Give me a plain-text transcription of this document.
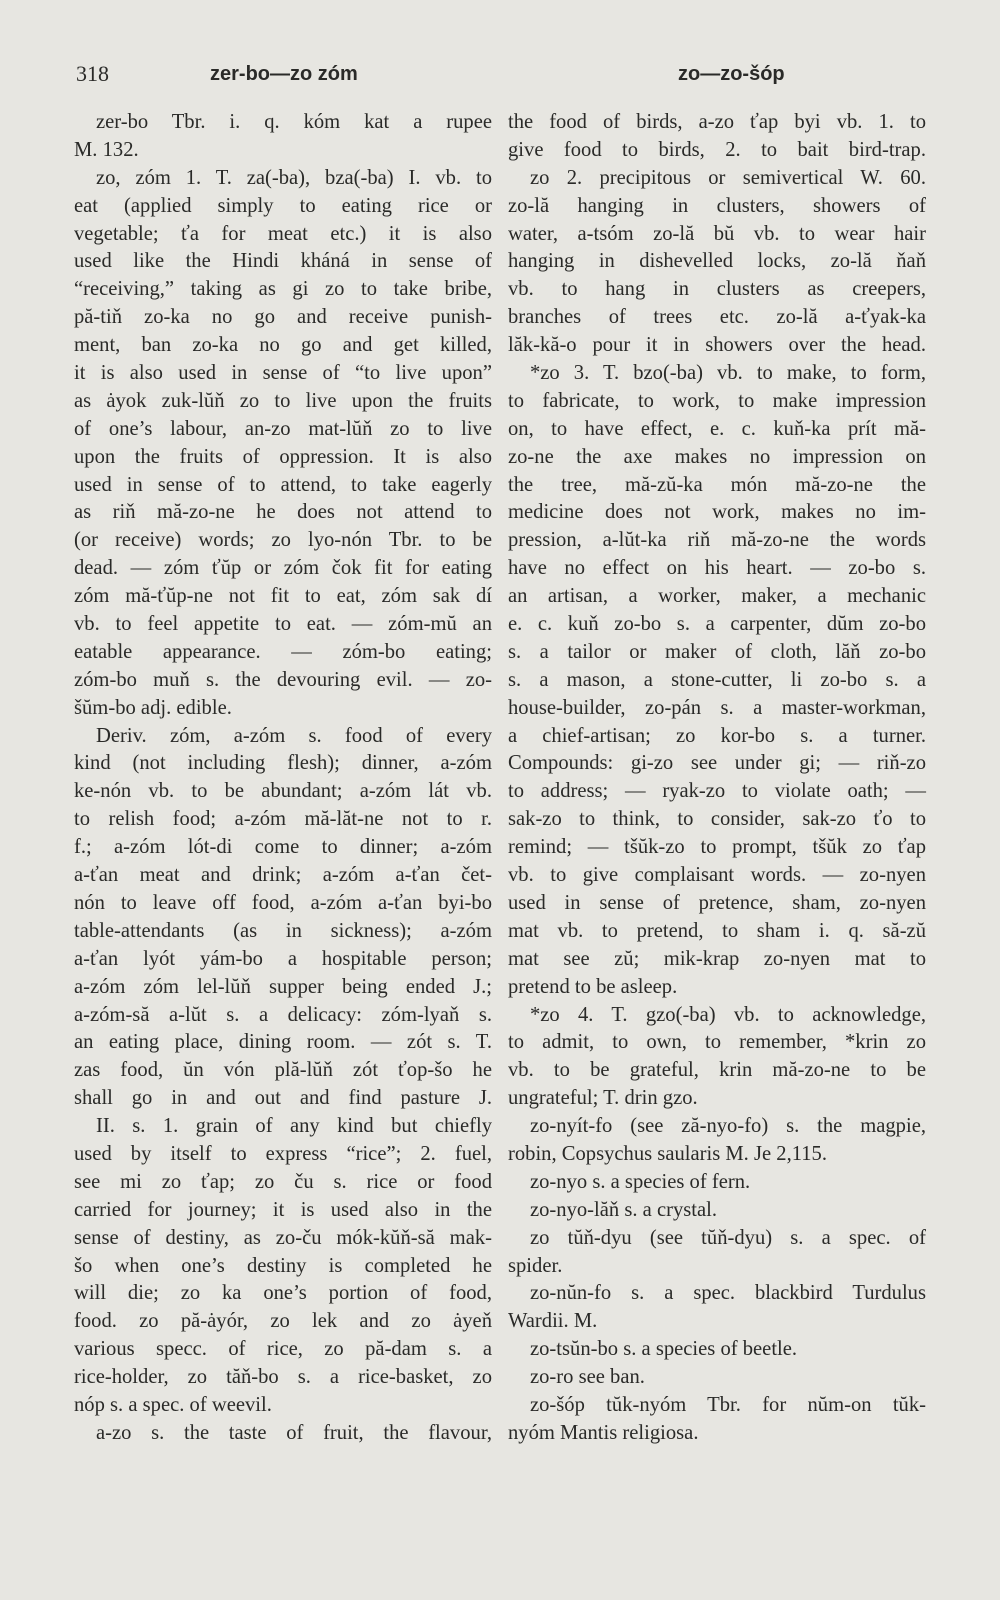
318	zer-bo—zo zóm	zo—zo-šóp
zer-bo Tbr. i. q. kóm kat a rupee
M. 132.
zo, zóm 1. T. za(-ba), bza(-ba) I. vb. to
eat (applied simply to eating rice or
vegetable; ťa for meat etc.) it is also
used like the Hindi kháná in sense of
“receiving,” taking as gi zo to take bribe,
pă-tiň zo-ka no go and receive punish-
ment, ban zo-ka no go and get killed,
it is also used in sense of “to live upon”
as ȧyok zuk-lŭň zo to live upon the fruits
of one’s labour, an-zo mat-lŭň zo to live
upon the fruits of oppression. It is also
used in sense of to attend, to take eagerly
as riň mă-zo-ne he does not attend to
(or receive) words; zo lyo-nón Tbr. to be
dead. — zóm ťŭp or zóm čok fit for eating
zóm mă-ťŭp-ne not fit to eat, zóm sak dí
vb. to feel appetite to eat. — zóm-mŭ an
eatable appearance. — zóm-bo eating;
zóm-bo muň s. the devouring evil. — zo-
šŭm-bo adj. edible.
Deriv. zóm, a-zóm s. food of every
kind (not including flesh); dinner, a-zóm
ke-nón vb. to be abundant; a-zóm lát vb.
to relish food; a-zóm mă-lăt-ne not to r.
f.; a-zóm lót-di come to dinner; a-zóm
a-ťan meat and drink; a-zóm a-ťan čet-
nón to leave off food, a-zóm a-ťan byi-bo
table-attendants (as in sickness); a-zóm
a-ťan lyót yám-bo a hospitable person;
a-zóm zóm lel-lŭň supper being ended J.;
a-zóm-să a-lŭt s. a delicacy: zóm-lyaň s.
an eating place, dining room. — zót s. T.
zas food, ŭn vón plă-lŭň zót ťop-šo he
shall go in and out and find pasture J.
II. s. 1. grain of any kind but chiefly
used by itself to express “rice”; 2. fuel,
see mi zo ťap; zo ču s. rice or food
carried for journey; it is used also in the
sense of destiny, as zo-ču mók-kŭň-să mak-
šo when one’s destiny is completed he
will die; zo ka one’s portion of food,
food. zo pă-ȧyór, zo lek and zo ȧyeň
various specc. of rice, zo pă-dam s. a
rice-holder, zo tăň-bo s. a rice-basket, zo
nóp s. a spec. of weevil.
a-zo s. the taste of fruit, the flavour,
the food of birds, a-zo ťap byi vb. 1. to
give food to birds, 2. to bait bird-trap.
zo 2. precipitous or semivertical W. 60.
zo-lă hanging in clusters, showers of
water, a-tsóm zo-lă bŭ vb. to wear hair
hanging in dishevelled locks, zo-lă ňaň
vb. to hang in clusters as creepers,
branches of trees etc. zo-lă a-ťyak-ka
lăk-kă-o pour it in showers over the head.
*zo 3. T. bzo(-ba) vb. to make, to form,
to fabricate, to work, to make impression
on, to have effect, e. c. kuň-ka prít mă-
zo-ne the axe makes no impression on
the tree, mă-zŭ-ka món mă-zo-ne the
medicine does not work, makes no im-
pression, a-lŭt-ka riň mă-zo-ne the words
have no effect on his heart. — zo-bo s.
an artisan, a worker, maker, a mechanic
e. c. kuň zo-bo s. a carpenter, dŭm zo-bo
s. a tailor or maker of cloth, lăň zo-bo
s. a mason, a stone-cutter, li zo-bo s. a
house-builder, zo-pán s. a master-workman,
a chief-artisan; zo kor-bo s. a turner.
Compounds: gi-zo see under gi; — riň-zo
to address; — ryak-zo to violate oath; —
sak-zo to think, to consider, sak-zo ťo to
remind; — tšŭk-zo to prompt, tšŭk zo ťap
vb. to give complaisant words. — zo-nyen
used in sense of pretence, sham, zo-nyen
mat vb. to pretend, to sham i. q. să-zŭ
mat see zŭ; mik-krap zo-nyen mat to
pretend to be asleep.
*zo 4. T. gzo(-ba) vb. to acknowledge,
to admit, to own, to remember, *krin zo
vb. to be grateful, krin mă-zo-ne to be
ungrateful; T. drin gzo.
zo-nyít-fo (see ză-nyo-fo) s. the magpie,
robin, Copsychus saularis M. Je 2,115.
zo-nyo s. a species of fern.
zo-nyo-lăň s. a crystal.
zo tŭň-dyu (see tŭň-dyu) s. a spec. of
spider.
zo-nŭn-fo s. a spec. blackbird Turdulus
Wardii. M.
zo-tsŭn-bo s. a species of beetle.
zo-ro see ban.
zo-šóp tŭk-nyóm Tbr. for nŭm-on tŭk-
nyóm Mantis religiosa.
